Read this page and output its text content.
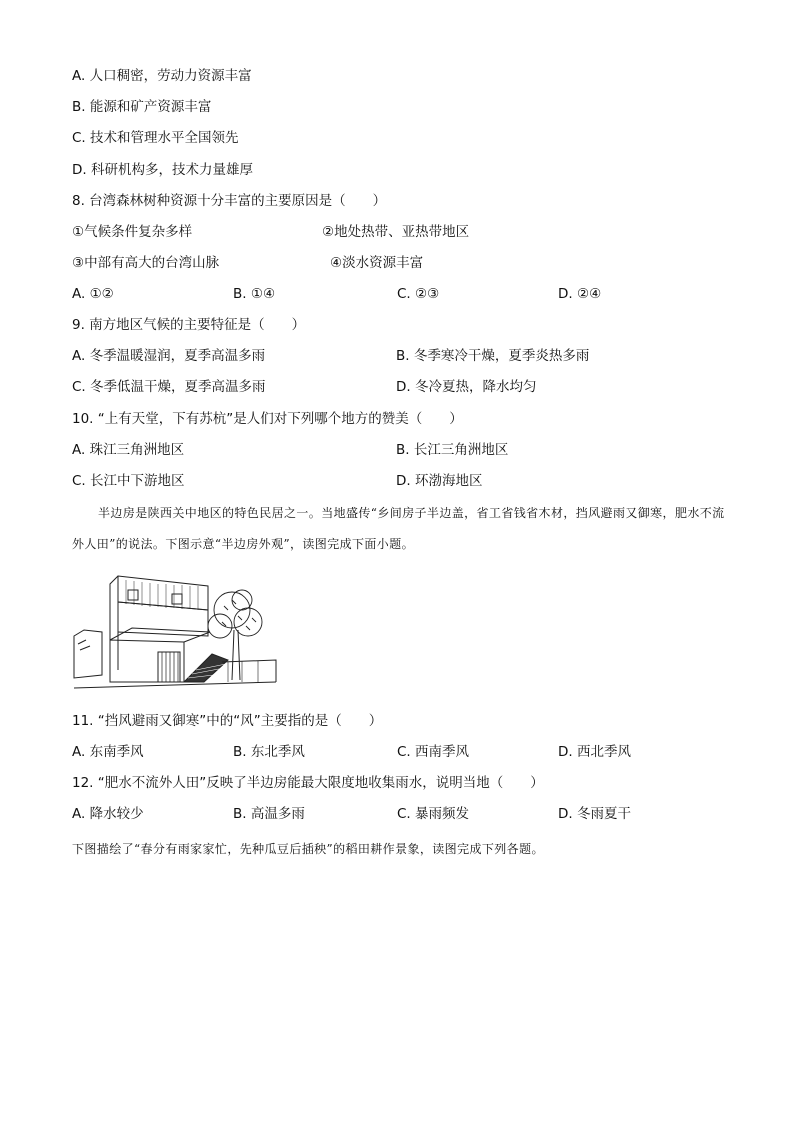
A. 人口稠密，劳动力资源丰富
B. 能源和矿产资源丰富
C. 技术和管理水平全国领先
D. 科研机构多，技术力量雄厚
8. 台湾森林树种资源十分丰富的主要原因是（　　）
①气候条件复杂多样	②地处热带、亚热带地区
③中部有高大的台湾山脉	④淡水资源丰富
A. ①②	B. ①④	C. ②③	D. ②④
9. 南方地区气候的主要特征是（　　）
A. 冬季温暖湿润，夏季高温多雨	B. 冬季寒冷干燥，夏季炎热多雨
C. 冬季低温干燥，夏季高温多雨	D. 冬冷夏热，降水均匀
10. “上有天堂，下有苏杭”是人们对下列哪个地方的赞美（　　）
A. 珠江三角洲地区	B. 长江三角洲地区
C. 长江中下游地区	D. 环渤海地区
半边房是陕西关中地区的特色民居之一。当地盛传“乡间房子半边盖，省工省钱省木材，挡风避雨又御寒，肥水不流外人田”的说法。下图示意“半边房外观”，读图完成下面小题。
11. “挡风避雨又御寒”中的“风”主要指的是（　　）
A. 东南季风	B. 东北季风	C. 西南季风	D. 西北季风
12. “肥水不流外人田”反映了半边房能最大限度地收集雨水，说明当地（　　）
A. 降水较少	B. 高温多雨	C. 暴雨频发	D. 冬雨夏干
下图描绘了“春分有雨家家忙，先种瓜豆后插秧”的稻田耕作景象，读图完成下列各题。
